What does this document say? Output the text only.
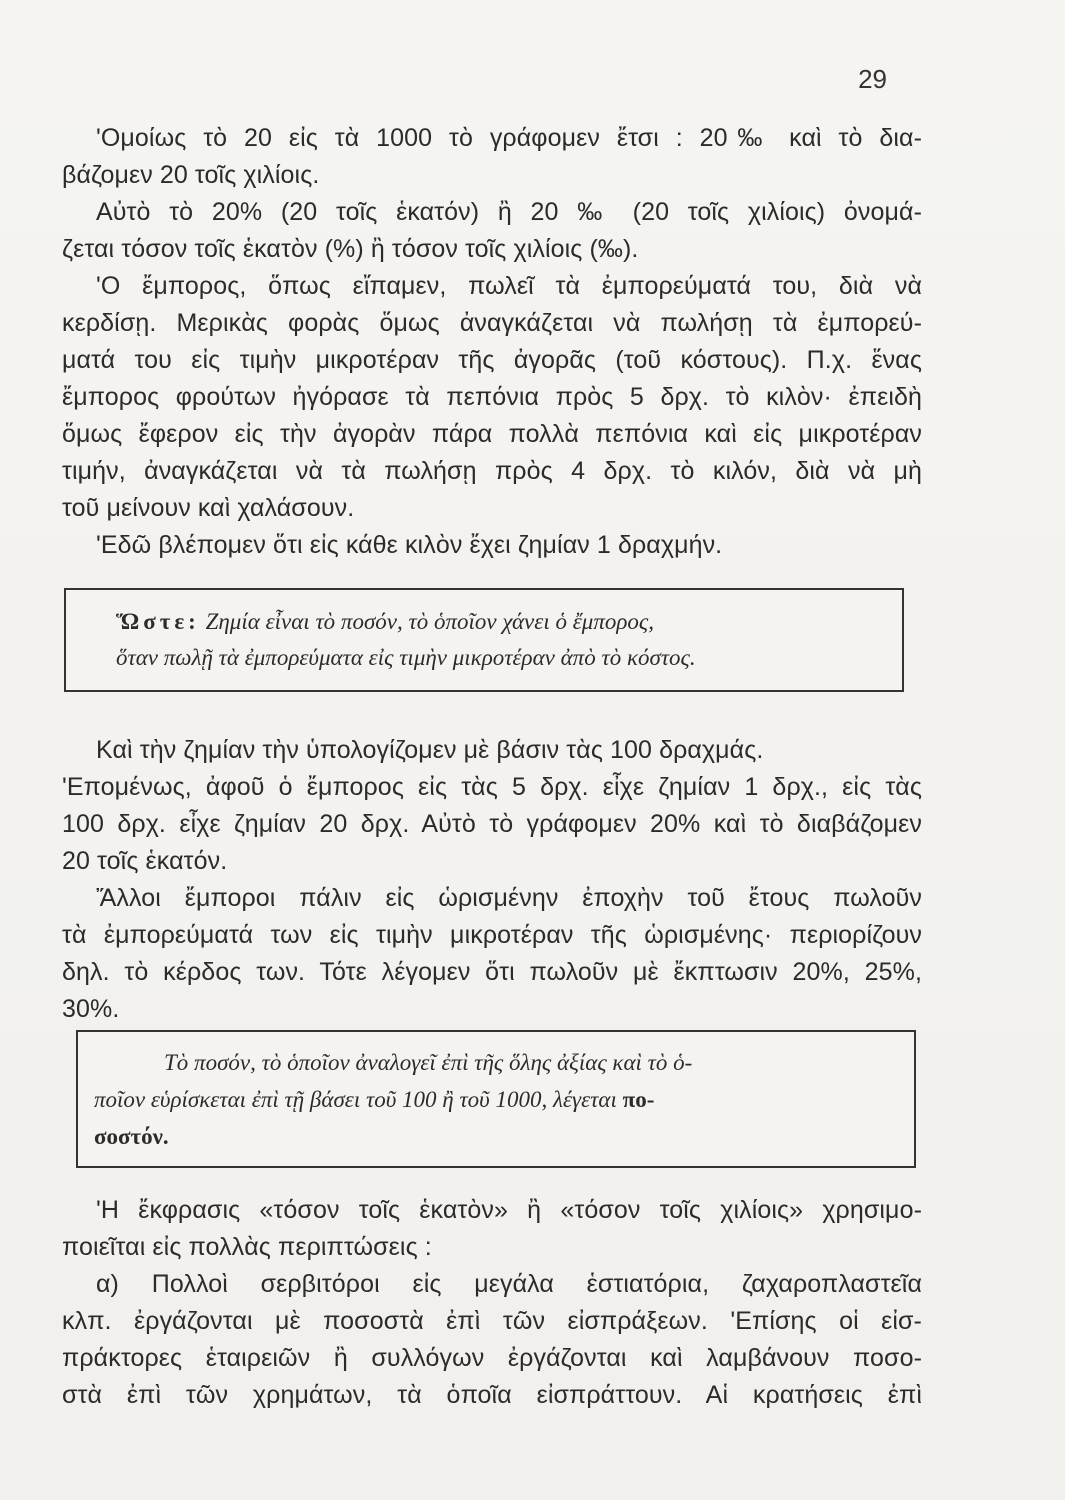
29
'Ομοίως τὸ 20 εἰς τὰ 1000 τὸ γράφομεν ἔτσι : 20‰ καὶ τὸ δια-
βάζομεν 20 τοῖς χιλίοις.
Αὐτὸ τὸ 20% (20 τοῖς ἑκατόν) ἢ 20 ‰ (20 τοῖς χιλίοις) ὀνομά-
ζεται τόσον τοῖς ἑκατὸν (%) ἢ τόσον τοῖς χιλίοις (‰).
'Ο ἔμπορος, ὅπως εἴπαμεν, πωλεῖ τὰ ἐμπορεύματά του, διὰ νὰ
κερδίσῃ. Μερικὰς φορὰς ὅμως ἀναγκάζεται νὰ πωλήσῃ τὰ ἐμπορεύ-
ματά του εἰς τιμὴν μικροτέραν τῆς ἀγορᾶς (τοῦ κόστους). Π.χ. ἕνας
ἔμπορος φρούτων ἠγόρασε τὰ πεπόνια πρὸς 5 δρχ. τὸ κιλὸν· ἐπειδὴ
ὅμως ἔφερον εἰς τὴν ἀγορὰν πάρα πολλὰ πεπόνια καὶ εἰς μικροτέραν
τιμήν, ἀναγκάζεται νὰ τὰ πωλήσῃ πρὸς 4 δρχ. τὸ κιλόν, διὰ νὰ μὴ
τοῦ μείνουν καὶ χαλάσουν.
'Εδῶ βλέπομεν ὅτι εἰς κάθε κιλὸν ἔχει ζημίαν 1 δραχμήν.
Ὥστε: Ζημία εἶναι τὸ ποσόν, τὸ ὁποῖον χάνει ὁ ἔμπορος,
ὅταν πωλῇ τὰ ἐμπορεύματα εἰς τιμὴν μικροτέραν ἀπὸ τὸ κόστος.
Καὶ τὴν ζημίαν τὴν ὑπολογίζομεν μὲ βάσιν τὰς 100 δραχμάς.
'Επομένως, ἀφοῦ ὁ ἔμπορος εἰς τὰς 5 δρχ. εἶχε ζημίαν 1 δρχ., εἰς τὰς
100 δρχ. εἶχε ζημίαν 20 δρχ. Αὐτὸ τὸ γράφομεν 20% καὶ τὸ διαβάζομεν
20 τοῖς ἑκατόν.
Ἄλλοι ἔμποροι πάλιν εἰς ὡρισμένην ἐποχὴν τοῦ ἔτους πωλοῦν
τὰ ἐμπορεύματά των εἰς τιμὴν μικροτέραν τῆς ὡρισμένης· περιορίζουν
δηλ. τὸ κέρδος των. Τότε λέγομεν ὅτι πωλοῦν μὲ ἔκπτωσιν 20%, 25%,
30%.
Τὸ ποσόν, τὸ ὁποῖον ἀναλογεῖ ἐπὶ τῆς ὅλης ἀξίας καὶ τὸ ὁ-
ποῖον εὑρίσκεται ἐπὶ τῇ βάσει τοῦ 100 ἢ τοῦ 1000, λέγεται πο-
σοστόν.
'Η ἔκφρασις «τόσον τοῖς ἑκατὸν» ἢ «τόσον τοῖς χιλίοις» χρησιμο-
ποιεῖται εἰς πολλὰς περιπτώσεις :
α) Πολλοὶ σερβιτόροι εἰς μεγάλα ἑστιατόρια, ζαχαροπλαστεῖα
κλπ. ἐργάζονται μὲ ποσοστὰ ἐπὶ τῶν εἰσπράξεων. 'Επίσης οἱ εἰσ-
πράκτορες ἑταιρειῶν ἢ συλλόγων ἐργάζονται καὶ λαμβάνουν ποσο-
στὰ ἐπὶ τῶν χρημάτων, τὰ ὁποῖα εἰσπράττουν. Αἱ κρατήσεις ἐπὶ
